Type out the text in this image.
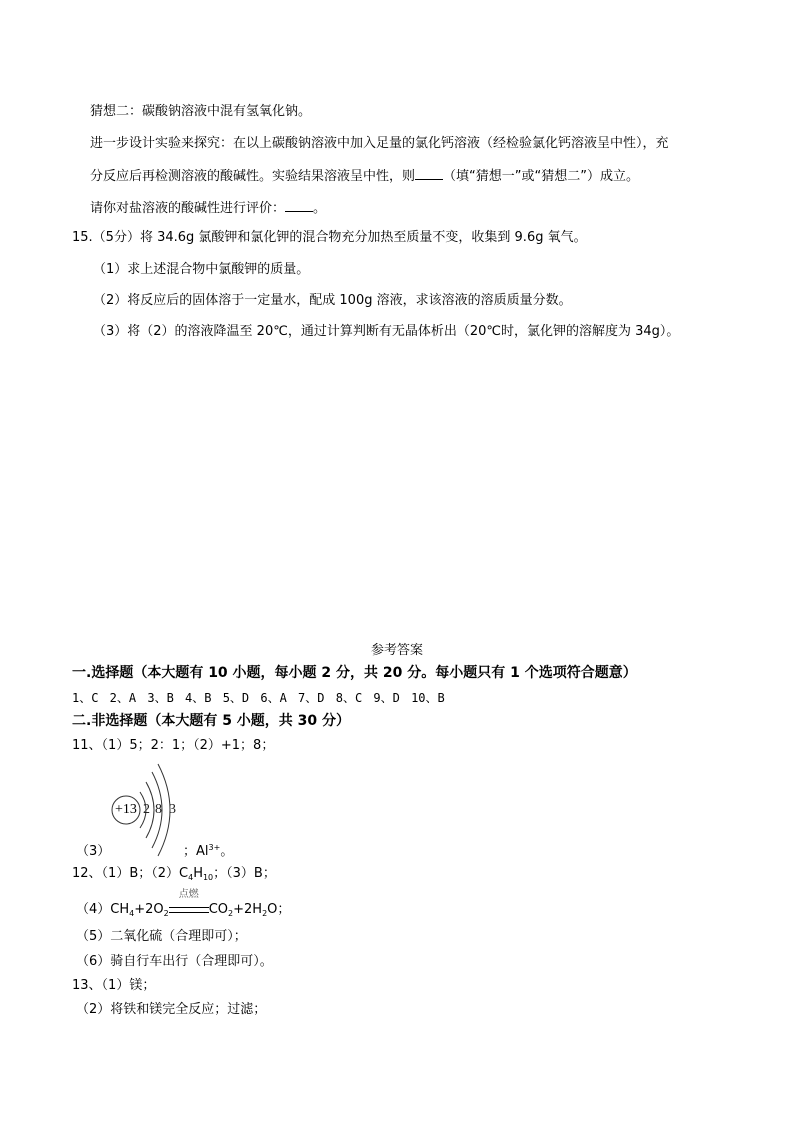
猜想二：碳酸钠溶液中混有氢氧化钠。
进一步设计实验来探究：在以上碳酸钠溶液中加入足量的氯化钙溶液（经检验氯化钙溶液呈中性），充
分反应后再检测溶液的酸碱性。实验结果溶液呈中性，则 （填“猜想一”或“猜想二”）成立。
请你对盐溶液的酸碱性进行评价： 。
15.（5分）将 34.6g 氯酸钾和氯化钾的混合物充分加热至质量不变，收集到 9.6g 氧气。
（1）求上述混合物中氯酸钾的质量。
（2）将反应后的固体溶于一定量水，配成 100g 溶液，求该溶液的溶质质量分数。
（3）将（2）的溶液降温至 20℃，通过计算判断有无晶体析出（20℃时，氯化钾的溶解度为 34g）。
参考答案
一.选择题（本大题有 10 小题，每小题 2 分，共 20 分。每小题只有 1 个选项符合题意）
1、C 2、A 3、B 4、B 5、D 6、A 7、D 8、C 9、D 10、B
二.非选择题（本大题有 5 小题，共 30 分）
11、（1）5；2：1；（2）+1；8；
+13 2 8 3
（3）	；$Al^{3+}$。
12、（1）B；$(2)C_4H_{10}$；（3）B；
$(4)CH_4+2O_2$
点燃
$CO_2+2H_2O$；
（5）二氧化硫（合理即可）；
（6）骑自行车出行（合理即可）。
13、（1）镁；
（2）将铁和镁完全反应；过滤；
